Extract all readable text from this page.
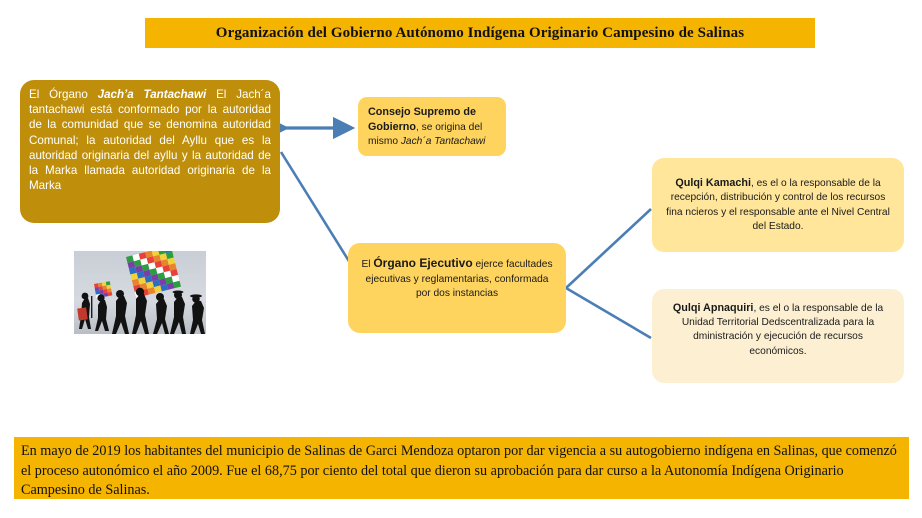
Organización del Gobierno Autónomo Indígena Originario Campesino de Salinas
El Órgano Jach’a Tantachawi El Jach´a tantachawi está conformado por la autoridad de la comunidad que se denomina autoridad Comunal; la autoridad del Ayllu que es la autoridad originaria del ayllu y la autoridad de la Marka llamada autoridad originaria de la Marka
Consejo Supremo de Gobierno, se origina del mismo Jach´a Tantachawi
El Órgano Ejecutivo ejerce facultades ejecutivas y reglamentarias, conformada por dos instancias
Qulqi Kamachi, es el o la responsable de la recepción, distribución y control de los recursos fina ncieros y el responsable ante el Nivel Central del Estado.
Qulqi Apnaquiri, es el o la responsable de la Unidad Territorial Dedscentralizada para la dministración y ejecución de recursos económicos.
En mayo de 2019 los habitantes del municipio de Salinas de Garci Mendoza optaron por dar vigencia a su autogobierno indígena en Salinas, que comenzó el proceso autonómico el año 2009. Fue el 68,75 por ciento del total que dieron su aprobación para dar curso a la Autonomía Indígena Originario Campesino de Salinas.
